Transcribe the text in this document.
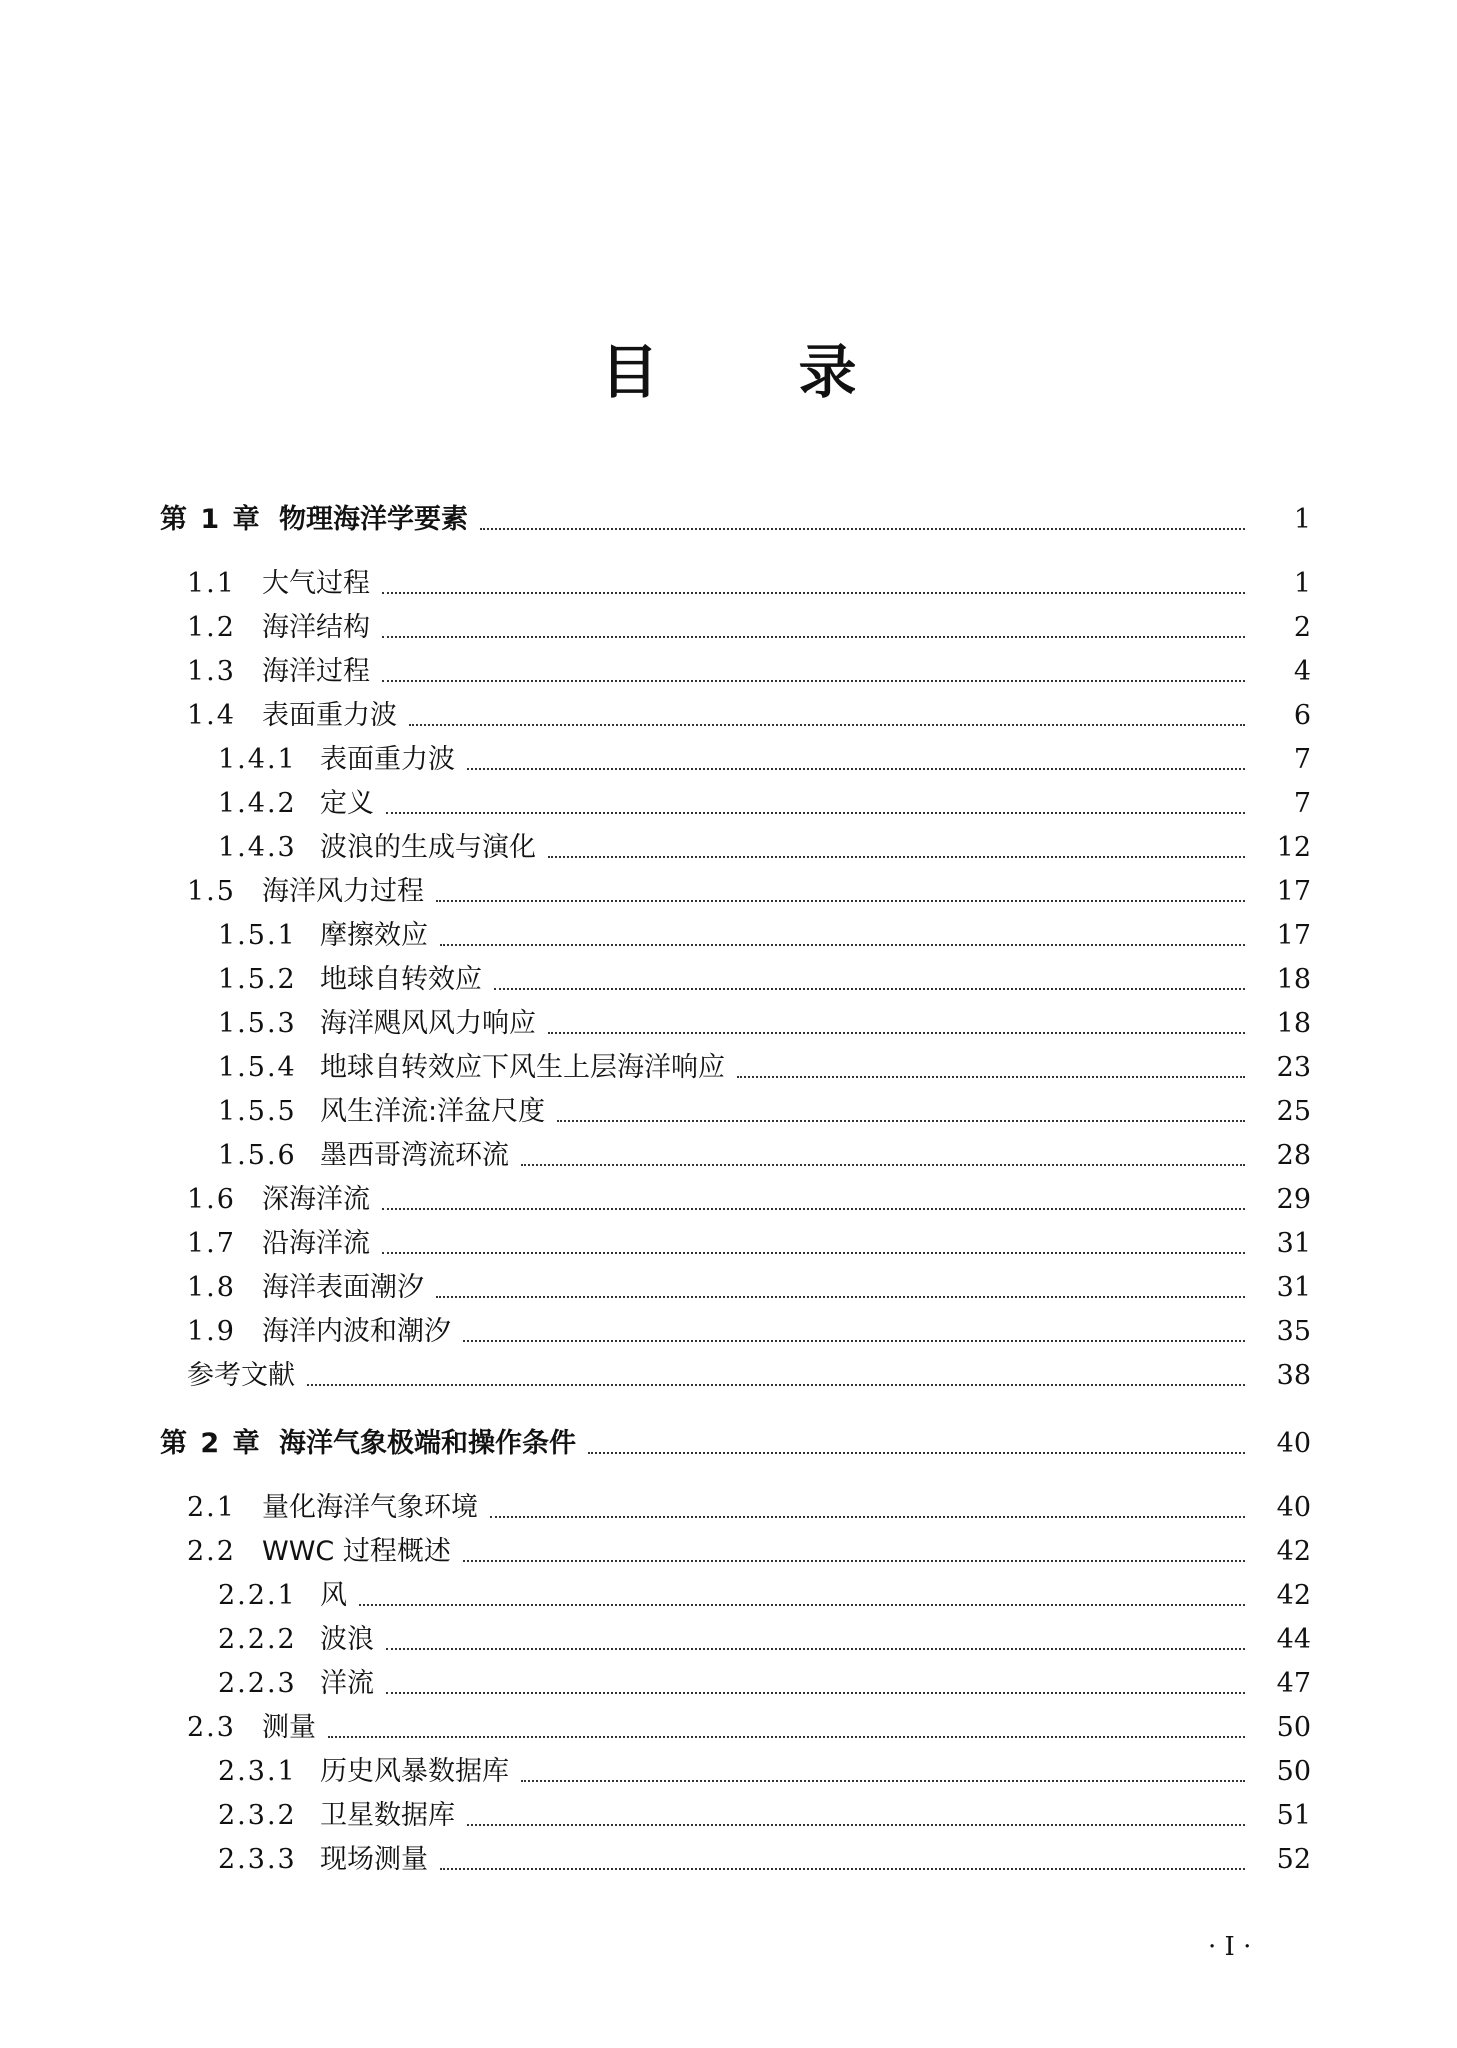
目 录
第 1 章 物理海洋学要素	1
1.1 大气过程	1
1.2 海洋结构	2
1.3 海洋过程	4
1.4 表面重力波	6
1.4.1 表面重力波	7
1.4.2 定义	7
1.4.3 波浪的生成与演化	12
1.5 海洋风力过程	17
1.5.1 摩擦效应	17
1.5.2 地球自转效应	18
1.5.3 海洋飓风风力响应	18
1.5.4 地球自转效应下风生上层海洋响应	23
1.5.5 风生洋流:洋盆尺度	25
1.5.6 墨西哥湾流环流	28
1.6 深海洋流	29
1.7 沿海洋流	31
1.8 海洋表面潮汐	31
1.9 海洋内波和潮汐	35
参考文献	38
第 2 章 海洋气象极端和操作条件	40
2.1 量化海洋气象环境	40
2.2 WWC 过程概述	42
2.2.1 风	42
2.2.2 波浪	44
2.2.3 洋流	47
2.3 测量	50
2.3.1 历史风暴数据库	50
2.3.2 卫星数据库	51
2.3.3 现场测量	52
· I ·
